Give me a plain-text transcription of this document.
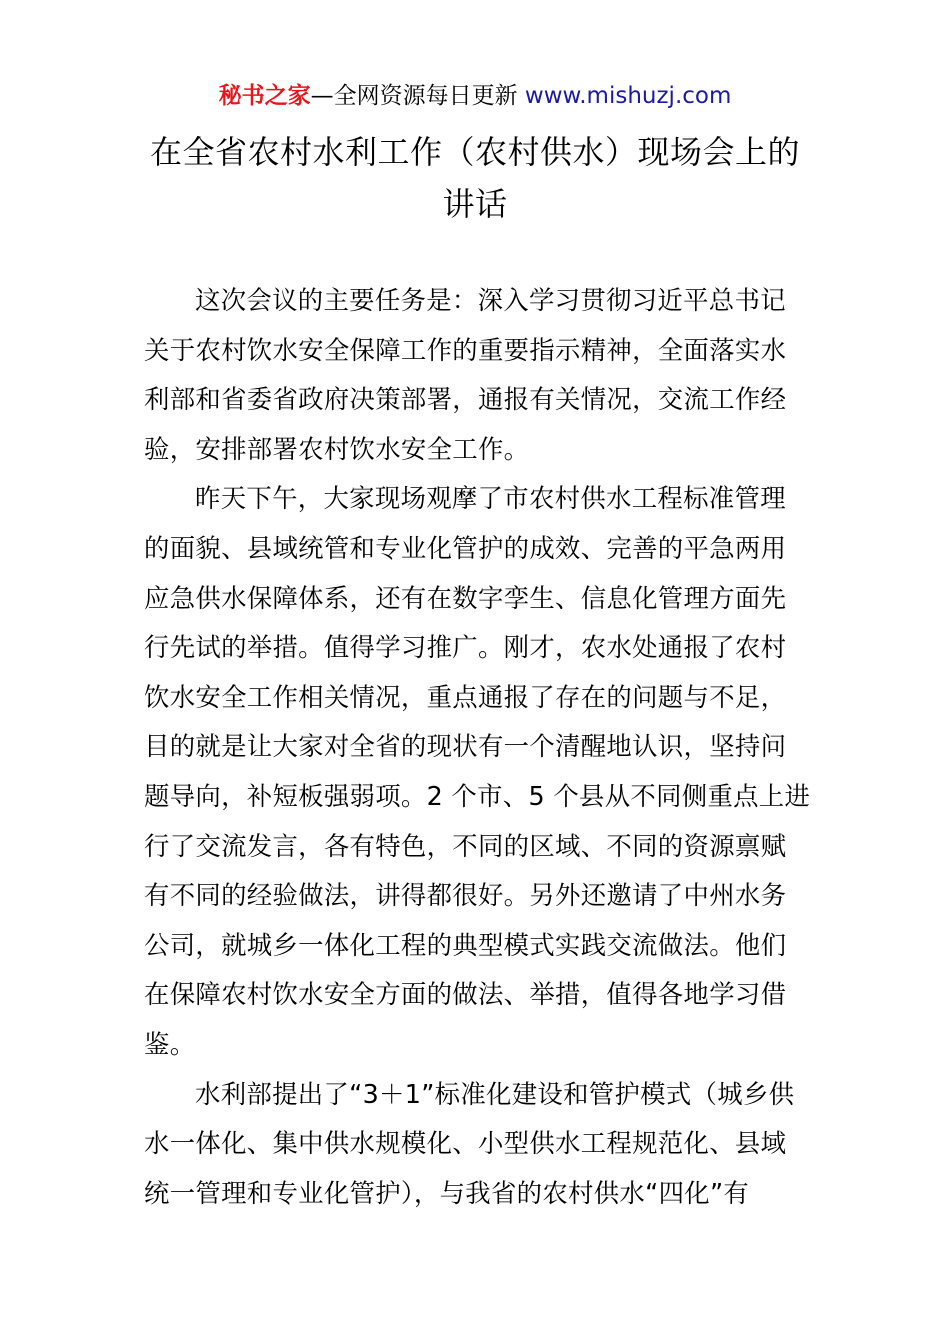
秘书之家—全网资源每日更新 www.mishuzj.com
在全省农村水利工作（农村供水）现场会上的
讲话
这次会议的主要任务是：深入学习贯彻习近平总书记
关于农村饮水安全保障工作的重要指示精神，全面落实水
利部和省委省政府决策部署，通报有关情况，交流工作经
验，安排部署农村饮水安全工作。
昨天下午，大家现场观摩了市农村供水工程标准管理
的面貌、县域统管和专业化管护的成效、完善的平急两用
应急供水保障体系，还有在数字孪生、信息化管理方面先
行先试的举措。值得学习推广。刚才，农水处通报了农村
饮水安全工作相关情况，重点通报了存在的问题与不足，
目的就是让大家对全省的现状有一个清醒地认识，坚持问
题导向，补短板强弱项。2 个市、5 个县从不同侧重点上进
行了交流发言，各有特色，不同的区域、不同的资源禀赋
有不同的经验做法，讲得都很好。另外还邀请了中州水务
公司，就城乡一体化工程的典型模式实践交流做法。他们
在保障农村饮水安全方面的做法、举措，值得各地学习借
鉴。
水利部提出了“3＋1”标准化建设和管护模式（城乡供
水一体化、集中供水规模化、小型供水工程规范化、县域
统一管理和专业化管护），与我省的农村供水“四化”有
